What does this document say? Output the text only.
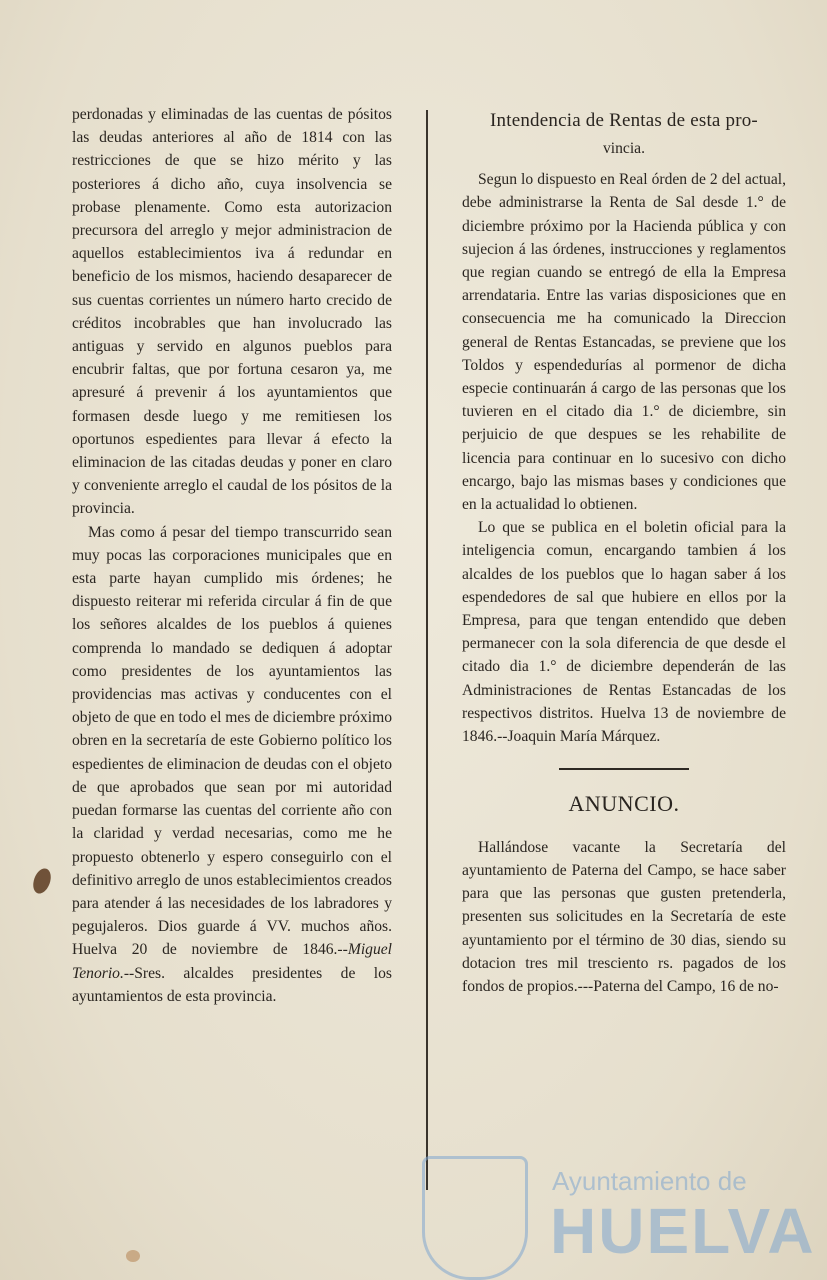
perdonadas y eliminadas de las cuentas de pósitos las deudas anteriores al año de 1814 con las restricciones de que se hizo mérito y las posteriores á dicho año, cuya insolvencia se probase plenamente. Como esta autorizacion precursora del arreglo y mejor administracion de aquellos establecimientos iva á redundar en beneficio de los mismos, haciendo desaparecer de sus cuentas corrientes un número harto crecido de créditos incobrables que han involucrado las antiguas y servido en algunos pueblos para encubrir faltas, que por fortuna cesaron ya, me apresuré á prevenir á los ayuntamientos que formasen desde luego y me remitiesen los oportunos espedientes para llevar á efecto la eliminacion de las citadas deudas y poner en claro y conveniente arreglo el caudal de los pósitos de la provincia.

Mas como á pesar del tiempo transcurrido sean muy pocas las corporaciones municipales que en esta parte hayan cumplido mis órdenes; he dispuesto reiterar mi referida circular á fin de que los señores alcaldes de los pueblos á quienes comprenda lo mandado se dediquen á adoptar como presidentes de los ayuntamientos las providencias mas activas y conducentes con el objeto de que en todo el mes de diciembre próximo obren en la secretaría de este Gobierno político los espedientes de eliminacion de deudas con el objeto de que aprobados que sean por mi autoridad puedan formarse las cuentas del corriente año con la claridad y verdad necesarias, como me he propuesto obtenerlo y espero conseguirlo con el definitivo arreglo de unos establecimientos creados para atender á las necesidades de los labradores y pegujaleros. Dios guarde á VV. muchos años. Huelva 20 de noviembre de 1846.--Miguel Tenorio.--Sres. alcaldes presidentes de los ayuntamientos de esta provincia.

Intendencia de Rentas de esta pro-
vincia.

Segun lo dispuesto en Real órden de 2 del actual, debe administrarse la Renta de Sal desde 1.° de diciembre próximo por la Hacienda pública y con sujecion á las órdenes, instrucciones y reglamentos que regian cuando se entregó de ella la Empresa arrendataria. Entre las varias disposiciones que en consecuencia me ha comunicado la Direccion general de Rentas Estancadas, se previene que los Toldos y espendedurías al pormenor de dicha especie continuarán á cargo de las personas que los tuvieren en el citado dia 1.° de diciembre, sin perjuicio de que despues se les rehabilite de licencia para continuar en lo sucesivo con dicho encargo, bajo las mismas bases y condiciones que en la actualidad lo obtienen.

Lo que se publica en el boletin oficial para la inteligencia comun, encargando tambien á los alcaldes de los pueblos que lo hagan saber á los espendedores de sal que hubiere en ellos por la Empresa, para que tengan entendido que deben permanecer con la sola diferencia de que desde el citado dia 1.° de diciembre dependerán de las Administraciones de Rentas Estancadas de los respectivos distritos. Huelva 13 de noviembre de 1846.--Joaquin María Márquez.

ANUNCIO.

Hallándose vacante la Secretaría del ayuntamiento de Paterna del Campo, se hace saber para que las personas que gusten pretenderla, presenten sus solicitudes en la Secretaría de este ayuntamiento por el término de 30 dias, siendo su dotacion tres mil tresciento rs. pagados de los fondos de propios.---Paterna del Campo, 16 de no-

Ayuntamiento de
HUELVA
